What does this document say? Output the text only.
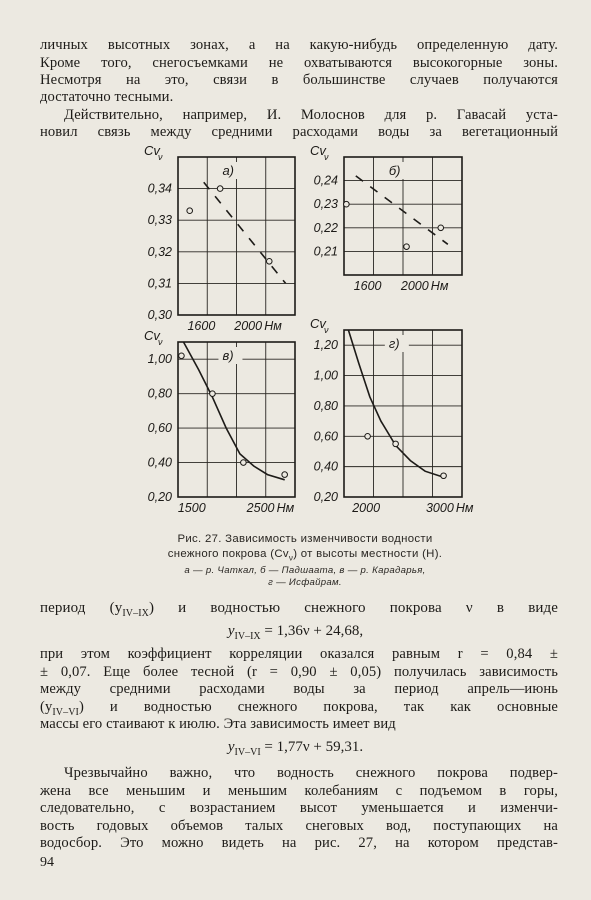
личных высотных зонах, а на какую-нибудь определенную дату.
Кроме того, снегосъемками не охватываются высокогорные зоны.
Несмотря на это, связи в большинстве случаев получаются
достаточно тесными.
Действительно, например, И. Молоснов для р. Гавасай уста-
новил связь между средними расходами воды за вегетационный
0,30
0,31
0,32
0,33
0,34
1600 2000 Нм
Cv
ν
а)
0,21
0,22
0,23
0,24
1600 2000 Нм
Cv
ν
б)
0,20
0,40
0,60
0,80
1,00
1500	2500 Нм
Cv
ν
в)
0,20
0,40
0,60
0,80
1,00
1,20
2000	3000 Нм
Cv
ν
г)
Рис. 27. Зависимость изменчивости водности
снежного покрова $(Cv_\nu)$ от высоты местности (H).
а — р. Чаткал, б — Падшаата, в — р. Карадарья,
г — Исфайрам.
период $(y_{IV-IX})$ и водностью снежного покрова ν в виде
$y_{IV-IX} = 1,36\nu + 24,68$,
при этом коэффициент корреляции оказался равным r = 0,84 ±
± 0,07. Еще более тесной (r = 0,90 ± 0,05) получилась зависимость
между средними расходами воды за период апрель—июнь
$(y_{IV-VI})$ и водностью снежного покрова, так как основные
массы его стаивают к июлю. Эта зависимость имеет вид
$y_{IV-VI} = 1,77\nu + 59,31$.
Чрезвычайно важно, что водность снежного покрова подвер-
жена все меньшим и меньшим колебаниям с подъемом в горы,
следовательно, с возрастанием высот уменьшается и изменчи-
вость годовых объемов талых снеговых вод, поступающих на
водосбор. Это можно видеть на рис. 27, на котором представ-
94
